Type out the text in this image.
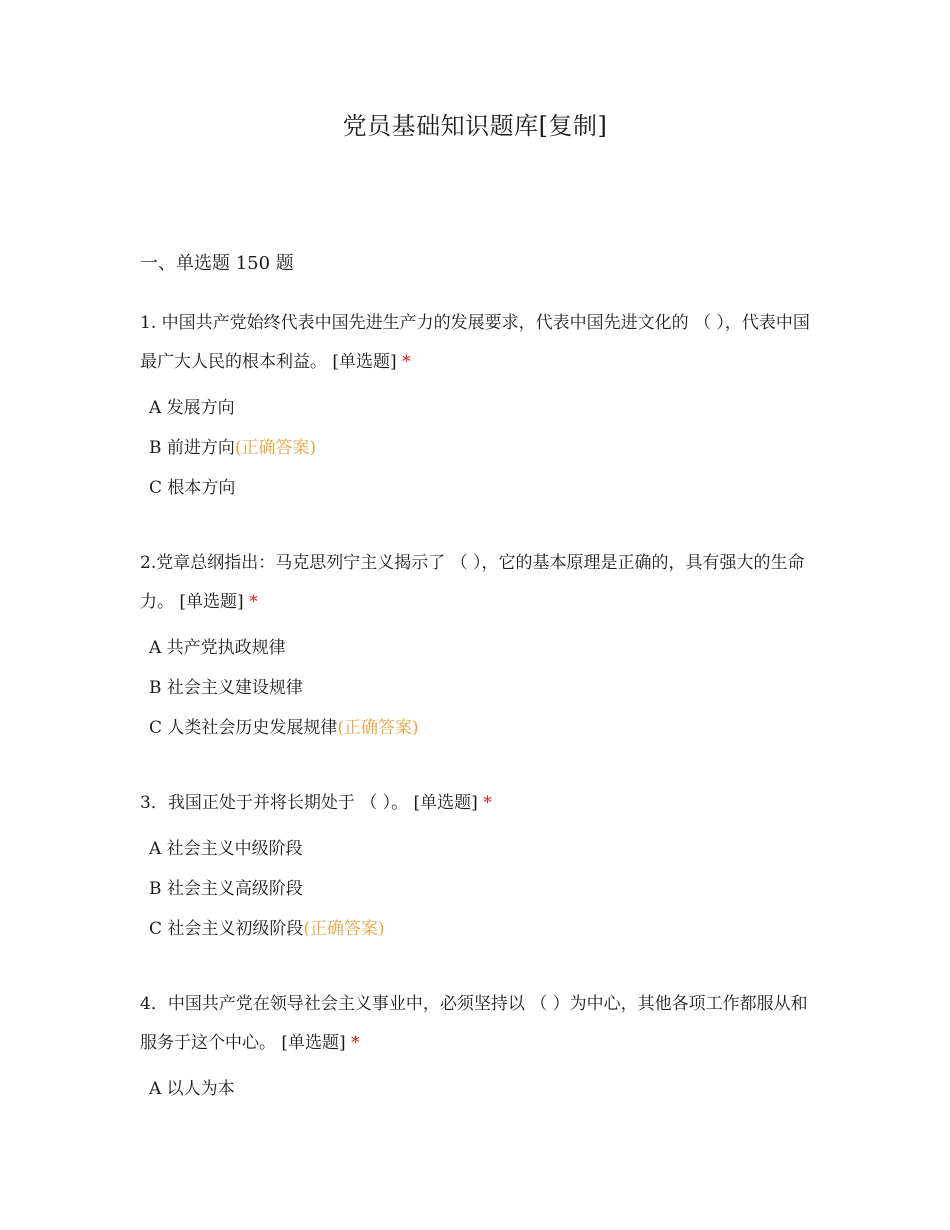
党员基础知识题库[复制]
一、单选题 150 题

1. 中国共产党始终代表中国先进生产力的发展要求，代表中国先进文化的 （ ），代表中国最广大人民的根本利益。 [单选题] *

A 发展方向
B 前进方向(正确答案)
C 根本方向

2.党章总纲指出：马克思列宁主义揭示了 （ ），它的基本原理是正确的，具有强大的生命力。 [单选题] *

A 共产党执政规律
B 社会主义建设规律
C 人类社会历史发展规律(正确答案)

3．我国正处于并将长期处于 （ ）。 [单选题] *

A 社会主义中级阶段
B 社会主义高级阶段
C 社会主义初级阶段(正确答案)

4．中国共产党在领导社会主义事业中，必须坚持以 （ ）为中心，其他各项工作都服从和服务于这个中心。 [单选题] *

A 以人为本
